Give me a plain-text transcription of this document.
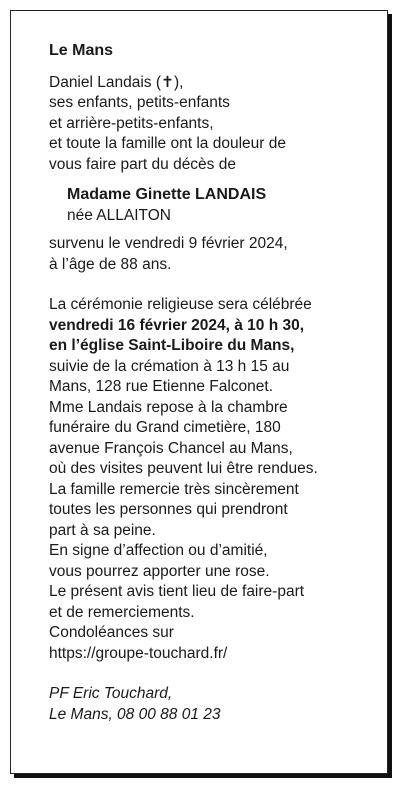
Le Mans
Daniel Landais (✝),
ses enfants, petits-enfants
et arrière-petits-enfants,
et toute la famille ont la douleur de
vous faire part du décès de
Madame Ginette LANDAIS
née ALLAITON
survenu le vendredi 9 février 2024,
à l’âge de 88 ans.
La cérémonie religieuse sera célébrée
vendredi 16 février 2024, à 10 h 30,
en l’église Saint-Liboire du Mans,
suivie de la crémation à 13 h 15 au
Mans, 128 rue Etienne Falconet.
Mme Landais repose à la chambre
funéraire du Grand cimetière, 180
avenue François Chancel au Mans,
où des visites peuvent lui être rendues.
La famille remercie très sincèrement
toutes les personnes qui prendront
part à sa peine.
En signe d’affection ou d’amitié,
vous pourrez apporter une rose.
Le présent avis tient lieu de faire-part
et de remerciements.
Condoléances sur
https://groupe-touchard.fr/
PF Eric Touchard,
Le Mans, 08 00 88 01 23
